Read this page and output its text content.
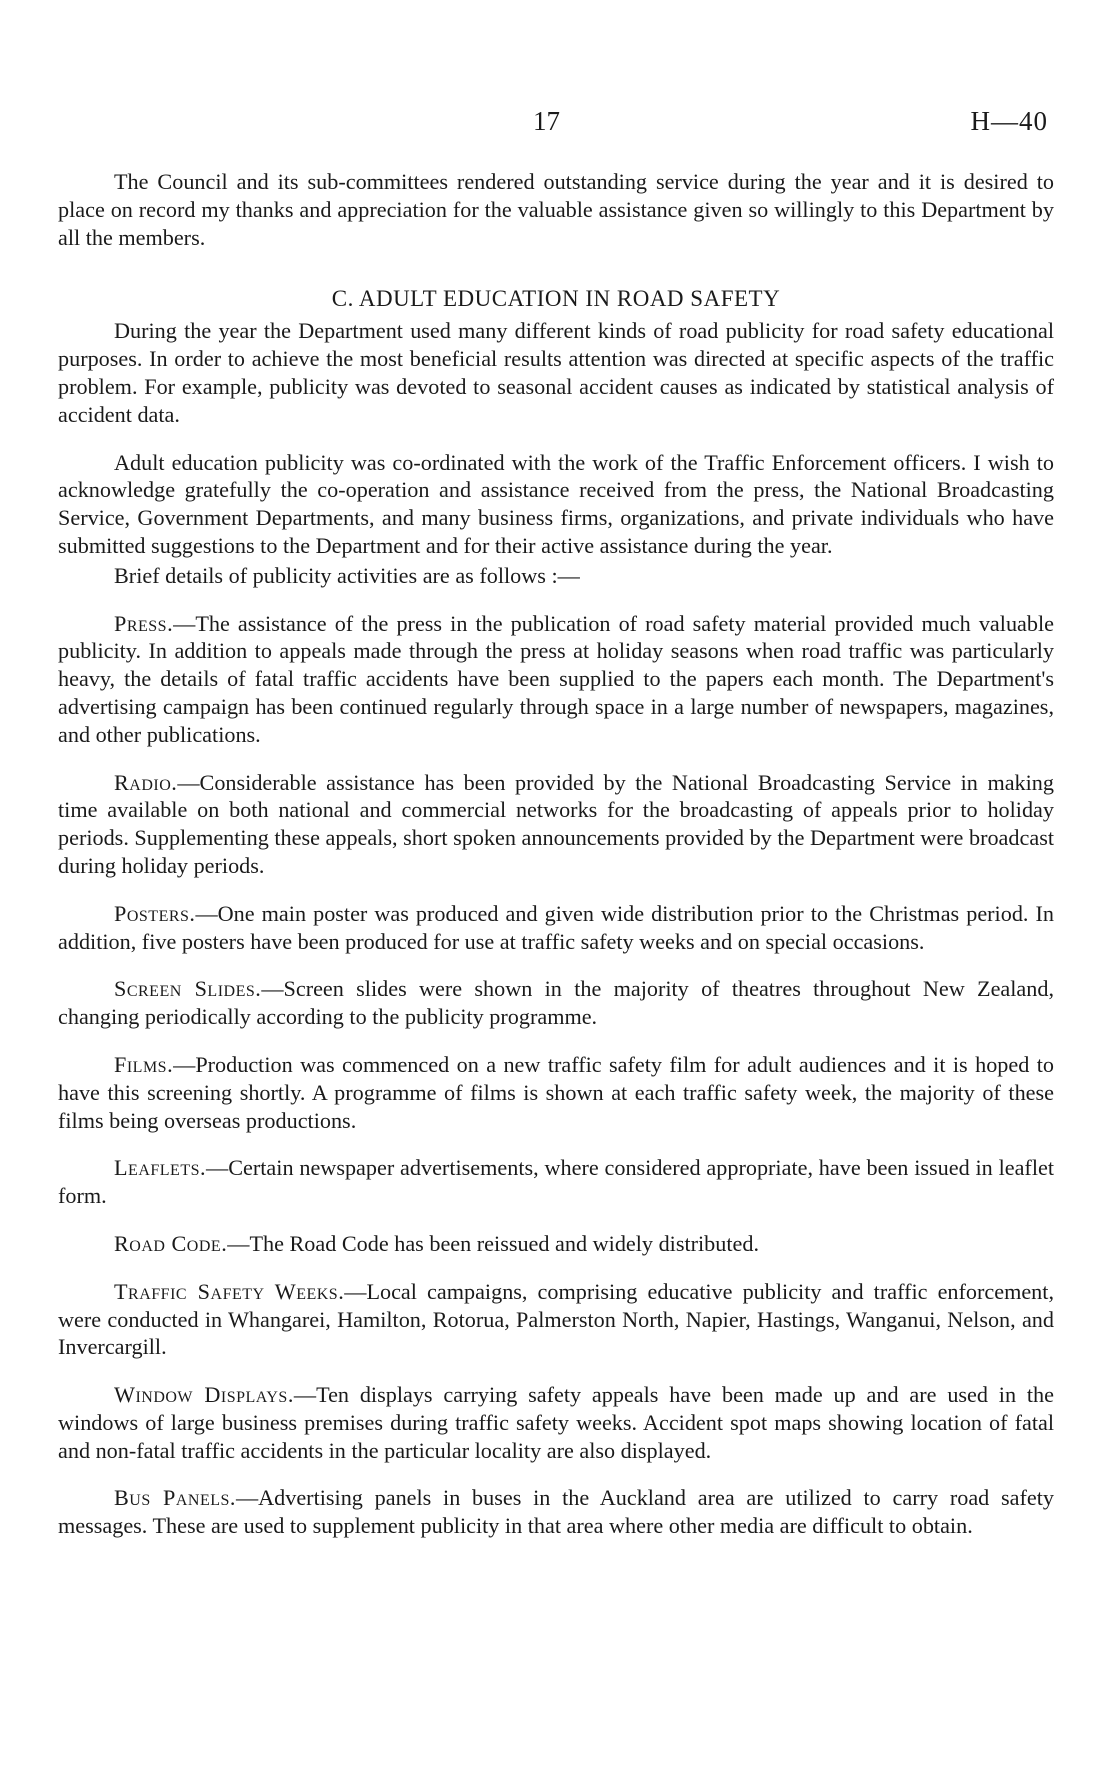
17	H—40

The Council and its sub-committees rendered outstanding service during the year and it is desired to place on record my thanks and appreciation for the valuable assistance given so willingly to this Department by all the members.

C. ADULT EDUCATION IN ROAD SAFETY

During the year the Department used many different kinds of road publicity for road safety educational purposes. In order to achieve the most beneficial results attention was directed at specific aspects of the traffic problem. For example, publicity was devoted to seasonal accident causes as indicated by statistical analysis of accident data.

Adult education publicity was co-ordinated with the work of the Traffic Enforcement officers. I wish to acknowledge gratefully the co-operation and assistance received from the press, the National Broadcasting Service, Government Departments, and many business firms, organizations, and private individuals who have submitted suggestions to the Department and for their active assistance during the year.

Brief details of publicity activities are as follows :—

Press.—The assistance of the press in the publication of road safety material provided much valuable publicity. In addition to appeals made through the press at holiday seasons when road traffic was particularly heavy, the details of fatal traffic accidents have been supplied to the papers each month. The Department's advertising campaign has been continued regularly through space in a large number of newspapers, magazines, and other publications.

Radio.—Considerable assistance has been provided by the National Broadcasting Service in making time available on both national and commercial networks for the broadcasting of appeals prior to holiday periods. Supplementing these appeals, short spoken announcements provided by the Department were broadcast during holiday periods.

Posters.—One main poster was produced and given wide distribution prior to the Christmas period. In addition, five posters have been produced for use at traffic safety weeks and on special occasions.

Screen Slides.—Screen slides were shown in the majority of theatres throughout New Zealand, changing periodically according to the publicity programme.

Films.—Production was commenced on a new traffic safety film for adult audiences and it is hoped to have this screening shortly. A programme of films is shown at each traffic safety week, the majority of these films being overseas productions.

Leaflets.—Certain newspaper advertisements, where considered appropriate, have been issued in leaflet form.

Road Code.—The Road Code has been reissued and widely distributed.

Traffic Safety Weeks.—Local campaigns, comprising educative publicity and traffic enforcement, were conducted in Whangarei, Hamilton, Rotorua, Palmerston North, Napier, Hastings, Wanganui, Nelson, and Invercargill.

Window Displays.—Ten displays carrying safety appeals have been made up and are used in the windows of large business premises during traffic safety weeks. Accident spot maps showing location of fatal and non-fatal traffic accidents in the particular locality are also displayed.

Bus Panels.—Advertising panels in buses in the Auckland area are utilized to carry road safety messages. These are used to supplement publicity in that area where other media are difficult to obtain.
